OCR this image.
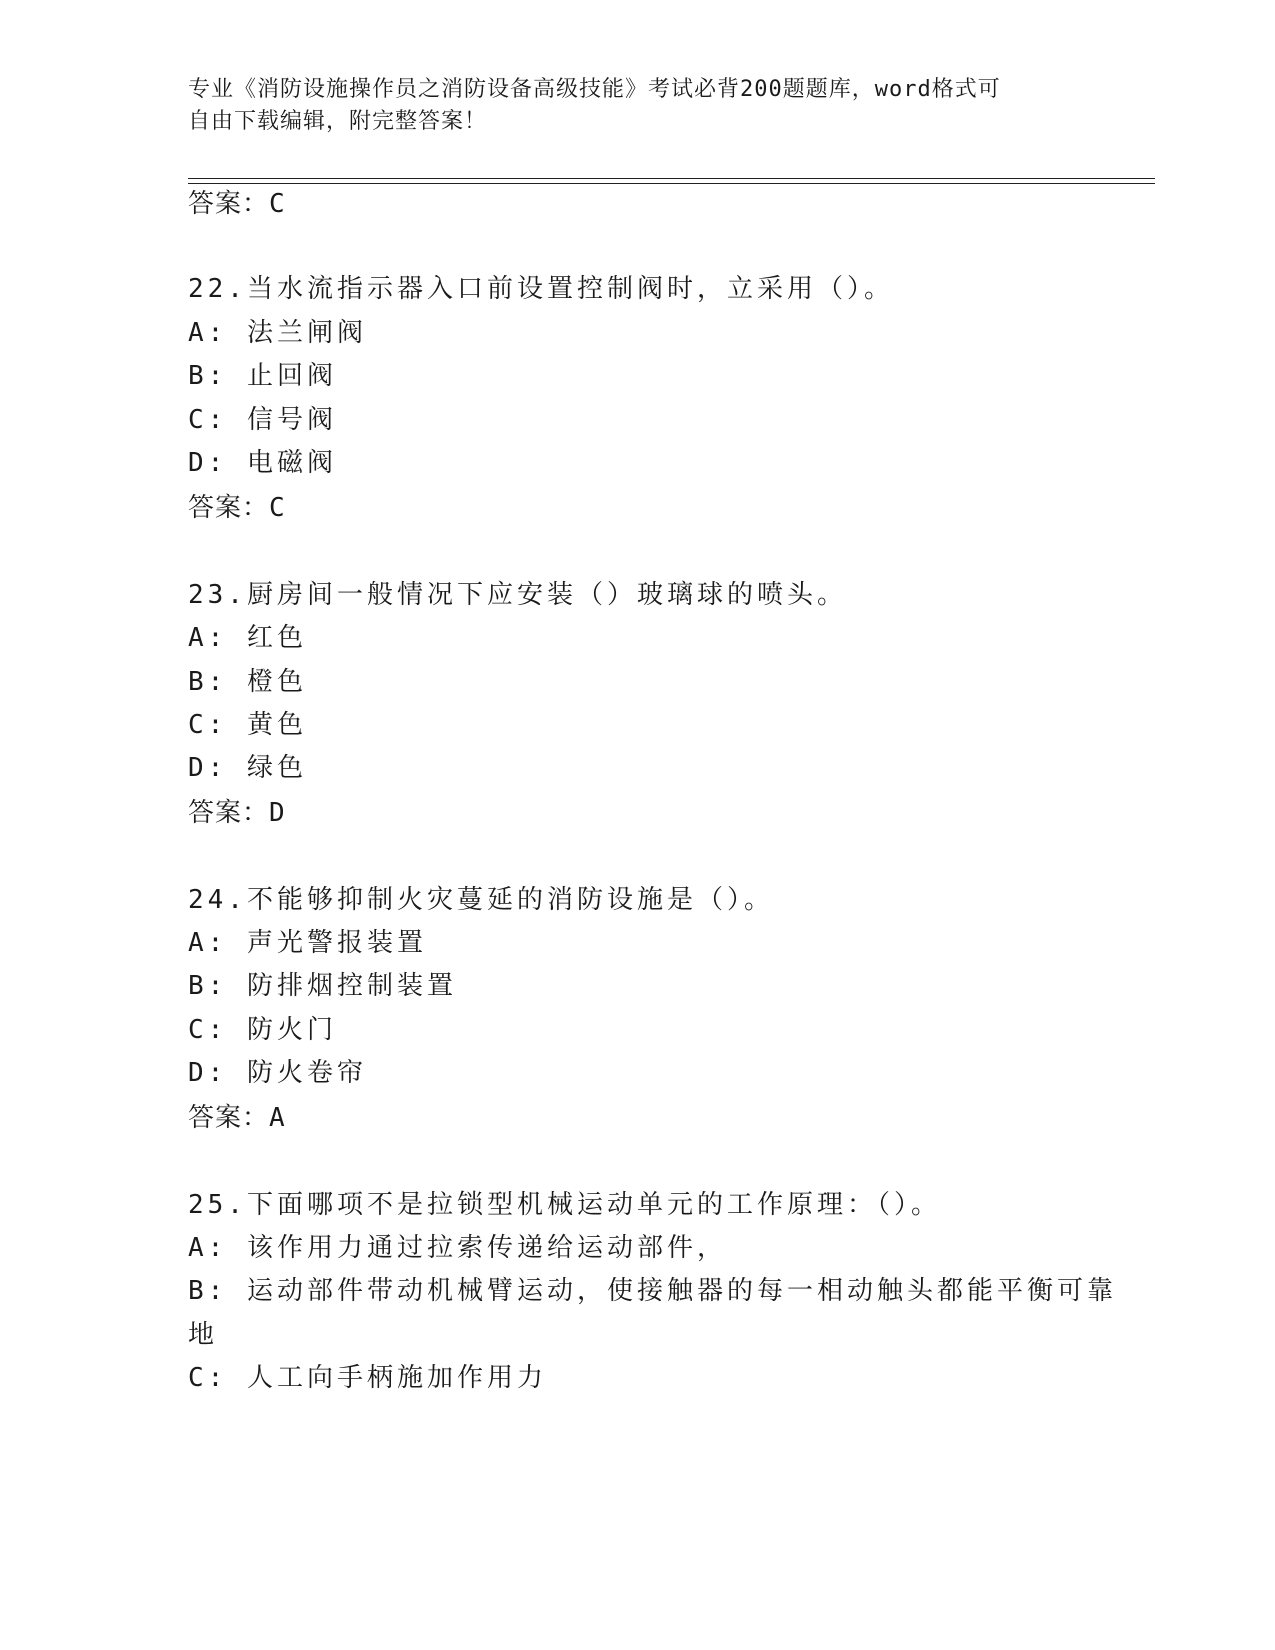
专业《消防设施操作员之消防设备高级技能》考试必背200题题库，word格式可
自由下载编辑，附完整答案！
答案：C
22.当水流指示器入口前设置控制阀时，立采用（）。
A: 法兰闸阀
B: 止回阀
C: 信号阀
D: 电磁阀
答案：C
23.厨房间一般情况下应安装（）玻璃球的喷头。
A: 红色
B: 橙色
C: 黄色
D: 绿色
答案：D
24.不能够抑制火灾蔓延的消防设施是（）。
A: 声光警报装置
B: 防排烟控制装置
C: 防火门
D: 防火卷帘
答案：A
25.下面哪项不是拉锁型机械运动单元的工作原理：（）。
A: 该作用力通过拉索传递给运动部件，
B: 运动部件带动机械臂运动，使接触器的每一相动触头都能平衡可靠
地
C: 人工向手柄施加作用力
